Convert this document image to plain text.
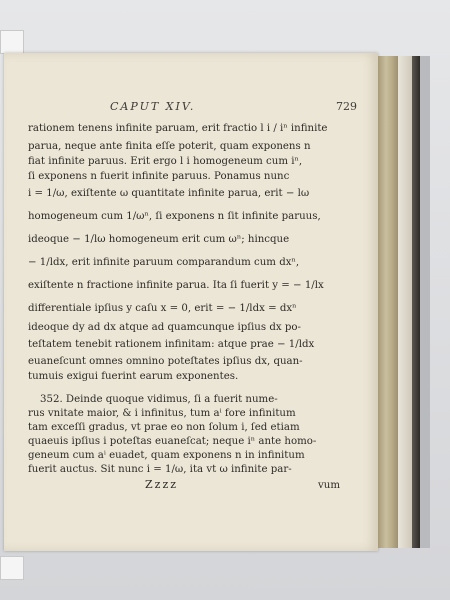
CAPUT XIV.	729
rationem tenens infinite paruam, erit fractio l i / iⁿ infinite
parua, neque ante finita eſſe poterit, quam exponens n
fiat infinite paruus. Erit ergo l i homogeneum cum iⁿ,
ſi exponens n fuerit infinite paruus. Ponamus nunc
i = 1/ω, exiſtente ω quantitate infinite parua, erit − lω
homogeneum cum 1/ωⁿ, ſi exponens n ſit infinite paruus,
ideoque − 1/lω homogeneum erit cum ωⁿ; hincque
− 1/ldx, erit infinite paruum comparandum cum dxⁿ,
exiſtente n fractione infinite parua. Ita ſi fuerit y = − 1/lx
differentiale ipſius y caſu x = 0, erit = − 1/ldx = dxⁿ
ideoque dy ad dx atque ad quamcunque ipſius dx po-
teſtatem tenebit rationem infinitam: atque prae − 1/ldx
euaneſcunt omnes omnino poteſtates ipſius dx, quan-
tumuis exigui fuerint earum exponentes.
352. Deinde quoque vidimus, ſi a fuerit nume-
rus vnitate maior, & i infinitus, tum aⁱ fore infinitum
tam exceſſi gradus, vt prae eo non ſolum i, ſed etiam
quaeuis ipſius i poteſtas euaneſcat; neque iⁿ ante homo-
geneum cum aⁱ euadet, quam exponens n in infinitum
fuerit auctus. Sit nunc i = 1/ω, ita vt ω infinite par-
Zzzz	vum
